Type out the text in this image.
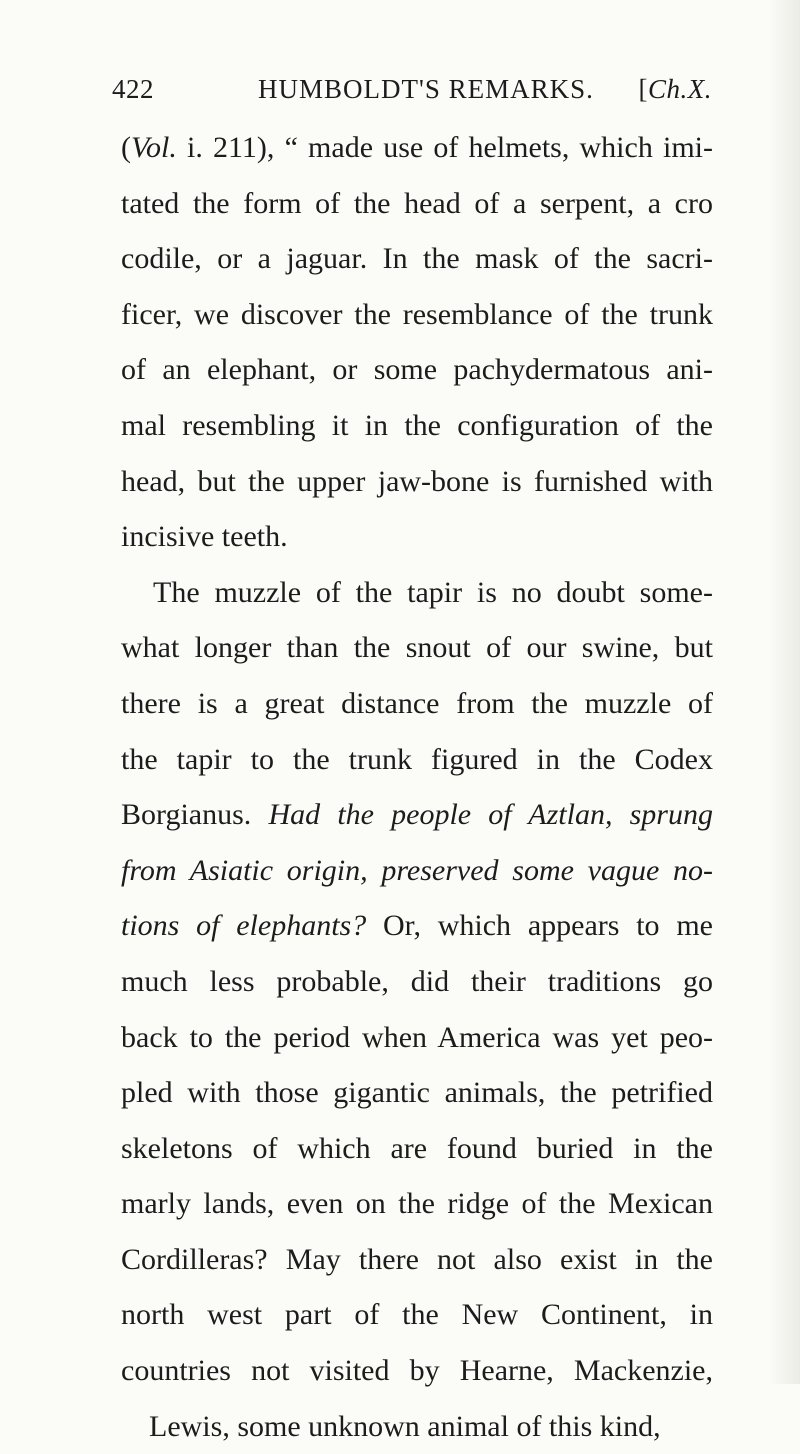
422	HUMBOLDT'S REMARKS. [Ch.X.
(Vol. i. 211), “ made use of helmets, which imi-
tated the form of the head of a serpent, a cro
codile, or a jaguar. In the mask of the sacri-
ficer, we discover the resemblance of the trunk
of an elephant, or some pachydermatous ani-
mal resembling it in the configuration of the
head, but the upper jaw-bone is furnished with
incisive teeth.
The muzzle of the tapir is no doubt some-
what longer than the snout of our swine, but
there is a great distance from the muzzle of
the tapir to the trunk figured in the Codex
Borgianus. Had the people of Aztlan, sprung
from Asiatic origin, preserved some vague no-
tions of elephants? Or, which appears to me
much less probable, did their traditions go
back to the period when America was yet peo-
pled with those gigantic animals, the petrified
skeletons of which are found buried in the
marly lands, even on the ridge of the Mexican
Cordilleras? May there not also exist in the
north west part of the New Continent, in
countries not visited by Hearne, Mackenzie,
Lewis, some unknown animal of this kind,
